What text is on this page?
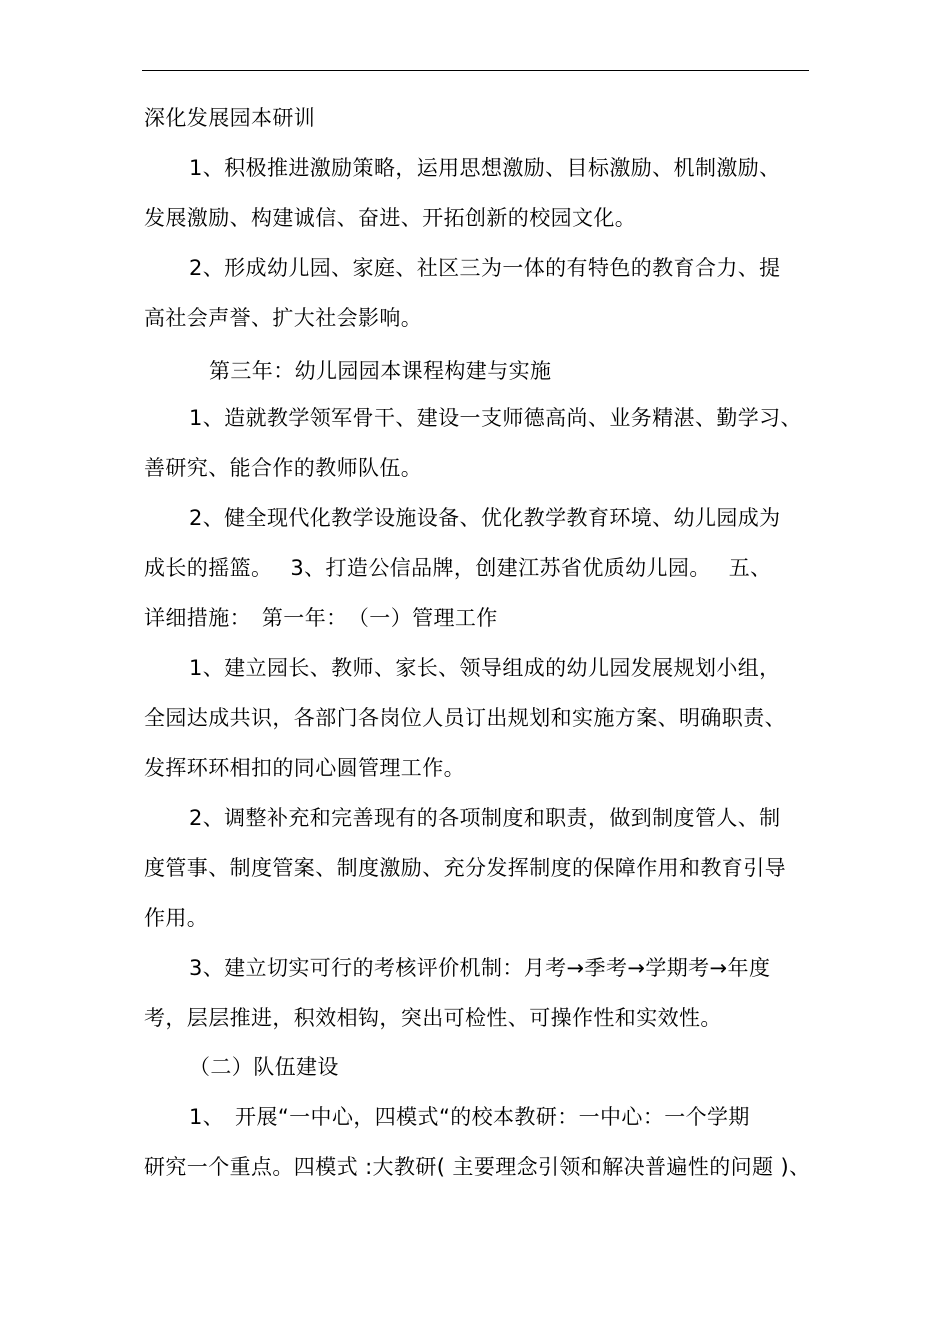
深化发展园本研训
1、积极推进激励策略，运用思想激励、目标激励、机制激励、
发展激励、构建诚信、奋进、开拓创新的校园文化。
2、形成幼儿园、家庭、社区三为一体的有特色的教育合力、提
高社会声誉、扩大社会影响。
第三年：幼儿园园本课程构建与实施
1、造就教学领军骨干、建设一支师德高尚、业务精湛、勤学习、
善研究、能合作的教师队伍。
2、健全现代化教学设施设备、优化教学教育环境、幼儿园成为
成长的摇篮。　 3、打造公信品牌，创建江苏省优质幼儿园。　 五、
详细措施：　第一年：　（一）管理工作
1、建立园长、教师、家长、领导组成的幼儿园发展规划小组，
全园达成共识，各部门各岗位人员订出规划和实施方案、明确职责、
发挥环环相扣的同心圆管理工作。
2、调整补充和完善现有的各项制度和职责，做到制度管人、制
度管事、制度管案、制度激励、充分发挥制度的保障作用和教育引导
作用。
3、建立切实可行的考核评价机制：月考→季考→学期考→年度
考，层层推进，积效相钩，突出可检性、可操作性和实效性。
（二）队伍建设
1、　开展“一中心，四模式“的校本教研：一中心：一个学期
研究一个重点。四模式 :大教研( 主要理念引领和解决普遍性的问题 )、
